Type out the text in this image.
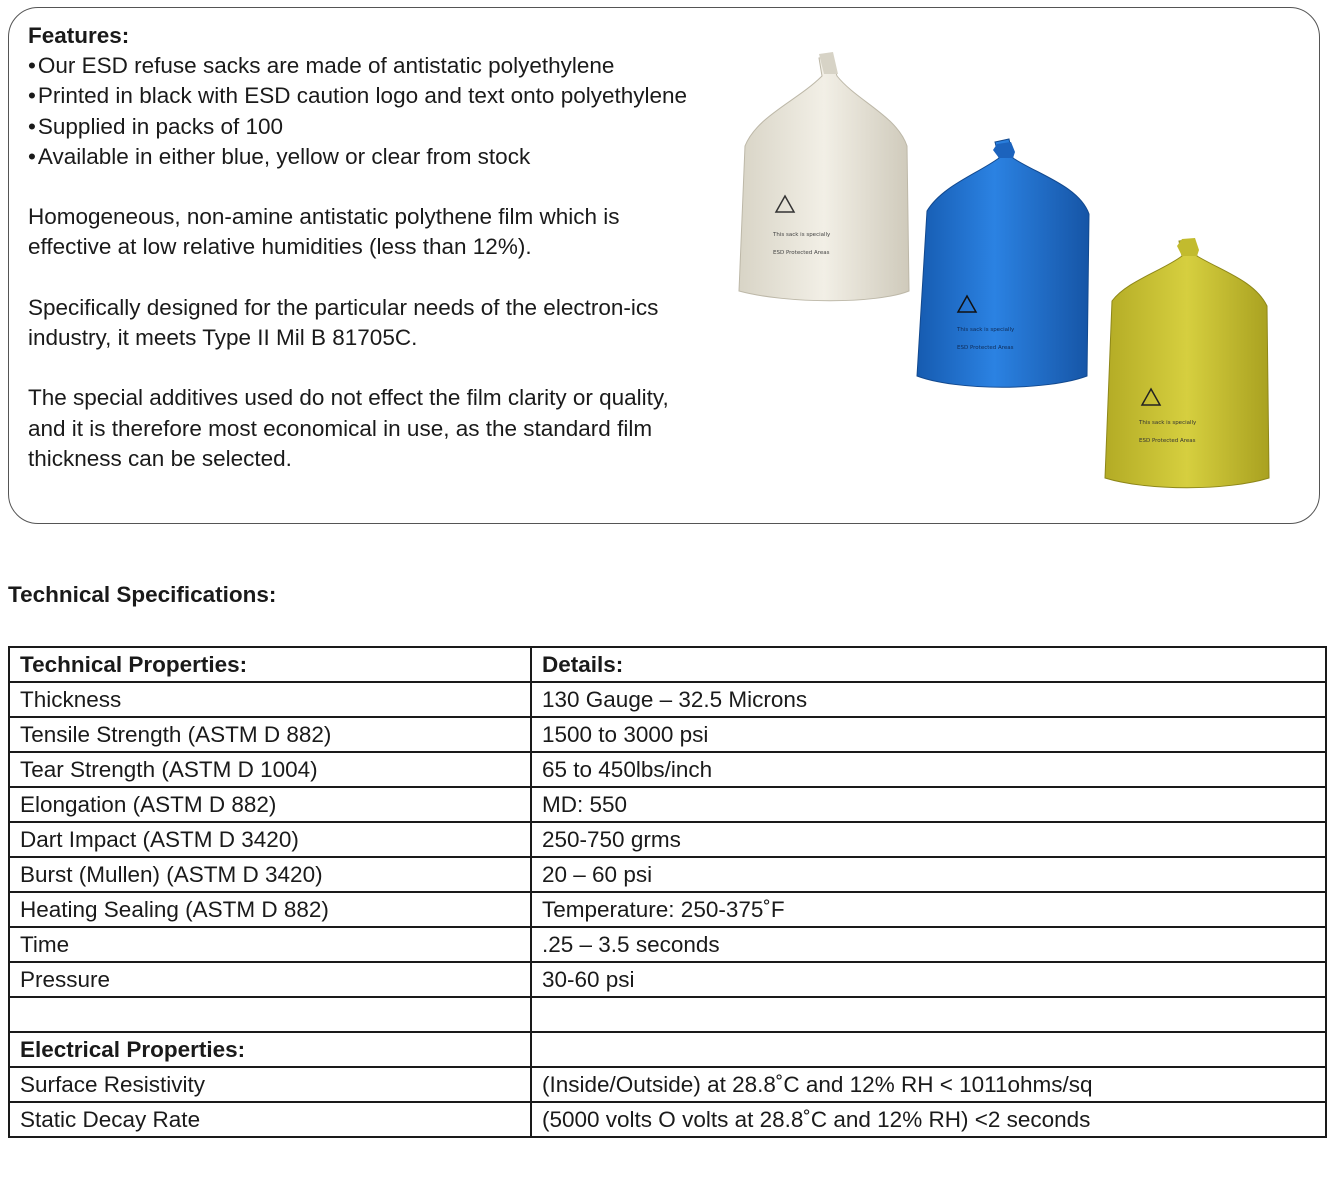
Features:
• Our ESD refuse sacks are made of antistatic polyethylene
• Printed in black with ESD caution logo and text onto polyethylene
• Supplied in packs of 100
• Available in either blue, yellow or clear from stock

Homogeneous, non-amine antistatic polythene film which is effective at low relative humidities (less than 12%).

Specifically designed for the particular needs of the electron-ics industry, it meets Type II Mil B 81705C.

The special additives used do not effect the film clarity or quality, and it is therefore most economical in use, as the standard film thickness can be selected.

This sack is specially
ESD Protected Areas
This sack is specially
ESD Protected Areas
This sack is specially
ESD Protected Areas
Technical Specifications:
Technical Properties:	Details:
Thickness	130 Gauge – 32.5 Microns
Tensile Strength (ASTM D 882)	1500 to 3000 psi
Tear Strength (ASTM D 1004)	65 to 450lbs/inch
Elongation (ASTM D 882)	MD: 550
Dart Impact (ASTM D 3420)	250-750 grms
Burst (Mullen) (ASTM D 3420)	20 – 60 psi
Heating Sealing (ASTM D 882)	Temperature: 250-375˚F
Time	.25 – 3.5 seconds
Pressure	30-60 psi

Electrical Properties:	
Surface Resistivity	(Inside/Outside) at 28.8˚C and 12% RH < 1011ohms/sq
Static Decay Rate	(5000 volts O volts at 28.8˚C and 12% RH) <2 seconds
